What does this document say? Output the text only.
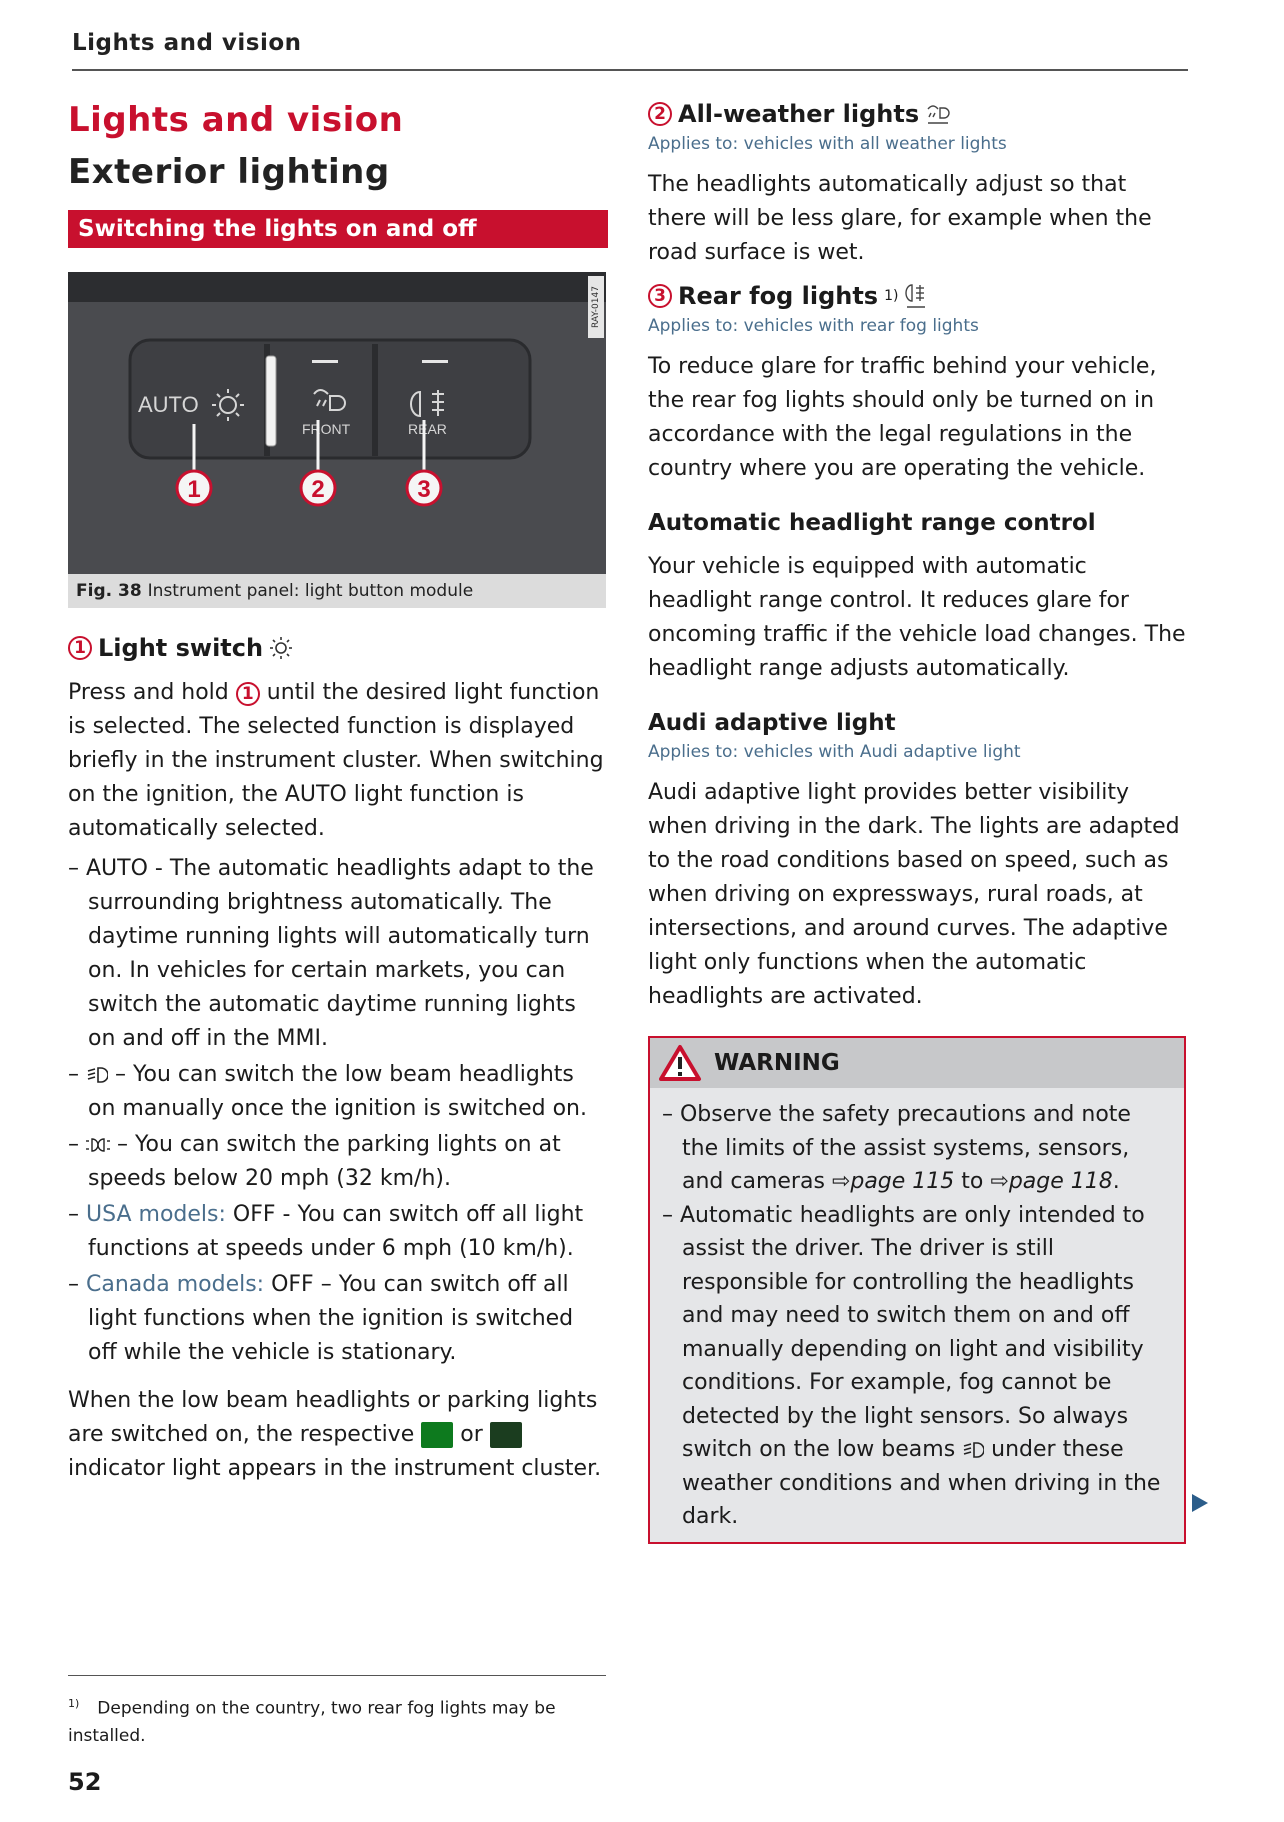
Lights and vision
Lights and vision
Exterior lighting
Switching the lights on and off
RAY-0147
AUTO
FRONT	REAR
1	2	3
Fig. 38 Instrument panel: light button module
1 Light switch

Press and hold 1 until the desired light function is selected. The selected function is displayed briefly in the instrument cluster. When switching on the ignition, the AUTO light function is automatically selected.

– AUTO - The automatic headlights adapt to the surrounding brightness automatically. The daytime running lights will automatically turn on. In vehicles for certain markets, you can switch the automatic daytime running lights on and off in the MMI.
– – You can switch the low beam headlights on manually once the ignition is switched on.
– – You can switch the parking lights on at speeds below 20 mph (32 km/h).
– USA models: OFF - You can switch off all light functions at speeds under 6 mph (10 km/h).
– Canada models: OFF – You can switch off all light functions when the ignition is switched off while the vehicle is stationary.

When the low beam headlights or parking lights are switched on, the respective or  indicator light appears in the instrument cluster.

2 All-weather lights
Applies to: vehicles with all weather lights

The headlights automatically adjust so that there will be less glare, for example when the road surface is wet.

3 Rear fog lights 1)
Applies to: vehicles with rear fog lights

To reduce glare for traffic behind your vehicle, the rear fog lights should only be turned on in accordance with the legal regulations in the country where you are operating the vehicle.

Automatic headlight range control

Your vehicle is equipped with automatic headlight range control. It reduces glare for oncoming traffic if the vehicle load changes. The headlight range adjusts automatically.

Audi adaptive light
Applies to: vehicles with Audi adaptive light

Audi adaptive light provides better visibility when driving in the dark. The lights are adapted to the road conditions based on speed, such as when driving on expressways, rural roads, at intersections, and around curves. The adaptive light only functions when the automatic headlights are activated.

WARNING
– Observe the safety precautions and note the limits of the assist systems, sensors, and cameras ⇨page 115 to ⇨page 118.
– Automatic headlights are only intended to assist the driver. The driver is still responsible for controlling the headlights and may need to switch them on and off manually depending on light and visibility conditions. For example, fog cannot be detected by the light sensors. So always switch on the low beams under these weather conditions and when driving in the dark.
$^{1)}$ Depending on the country, two rear fog lights may be installed.
52
